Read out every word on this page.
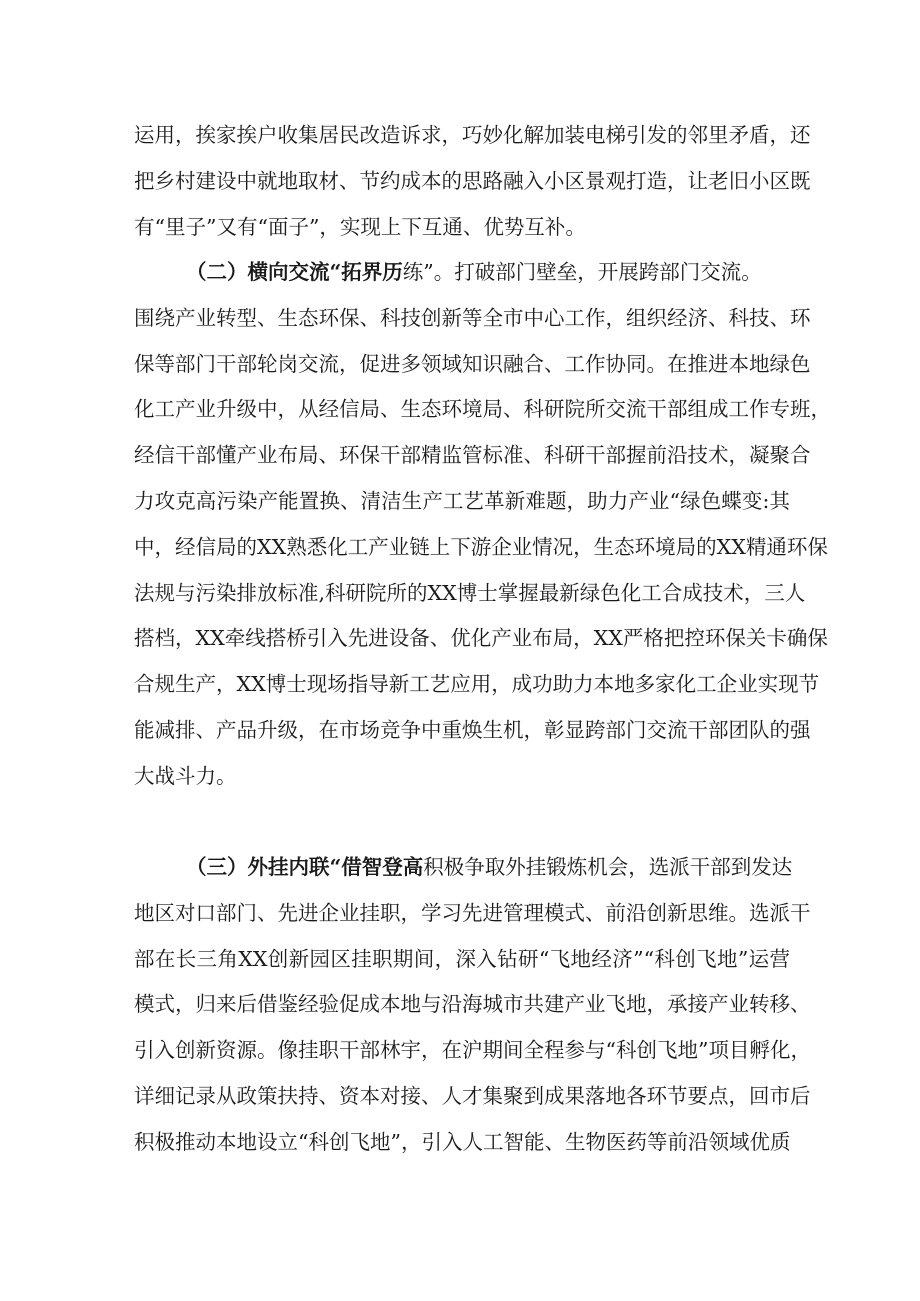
运用，挨家挨户收集居民改造诉求，巧妙化解加装电梯引发的邻里矛盾，还
把乡村建设中就地取材、节约成本的思路融入小区景观打造，让老旧小区既
有“里子”又有“面子”，实现上下互通、优势互补。
（二）横向交流“拓界历练”。打破部门壁垒，开展跨部门交流。
围绕产业转型、生态环保、科技创新等全市中心工作，组织经济、科技、环
保等部门干部轮岗交流，促进多领域知识融合、工作协同。在推进本地绿色
化工产业升级中，从经信局、生态环境局、科研院所交流干部组成工作专班，
经信干部懂产业布局、环保干部精监管标准、科研干部握前沿技术，凝聚合
力攻克高污染产能置换、清洁生产工艺革新难题，助力产业“绿色蝶变:其
中，经信局的XX熟悉化工产业链上下游企业情况，生态环境局的XX精通环保
法规与污染排放标准,科研院所的XX博士掌握最新绿色化工合成技术，三人
搭档，XX牵线搭桥引入先进设备、优化产业布局，XX严格把控环保关卡确保
合规生产，XX博士现场指导新工艺应用，成功助力本地多家化工企业实现节
能减排、产品升级，在市场竞争中重焕生机，彰显跨部门交流干部团队的强
大战斗力。
（三）外挂内联“借智登高积极争取外挂锻炼机会，选派干部到发达
地区对口部门、先进企业挂职，学习先进管理模式、前沿创新思维。选派干
部在长三角XX创新园区挂职期间，深入钻研“飞地经济”“科创飞地”运营
模式，归来后借鉴经验促成本地与沿海城市共建产业飞地，承接产业转移、
引入创新资源。像挂职干部林宇，在沪期间全程参与“科创飞地”项目孵化，
详细记录从政策扶持、资本对接、人才集聚到成果落地各环节要点，回市后
积极推动本地设立“科创飞地”，引入人工智能、生物医药等前沿领域优质
